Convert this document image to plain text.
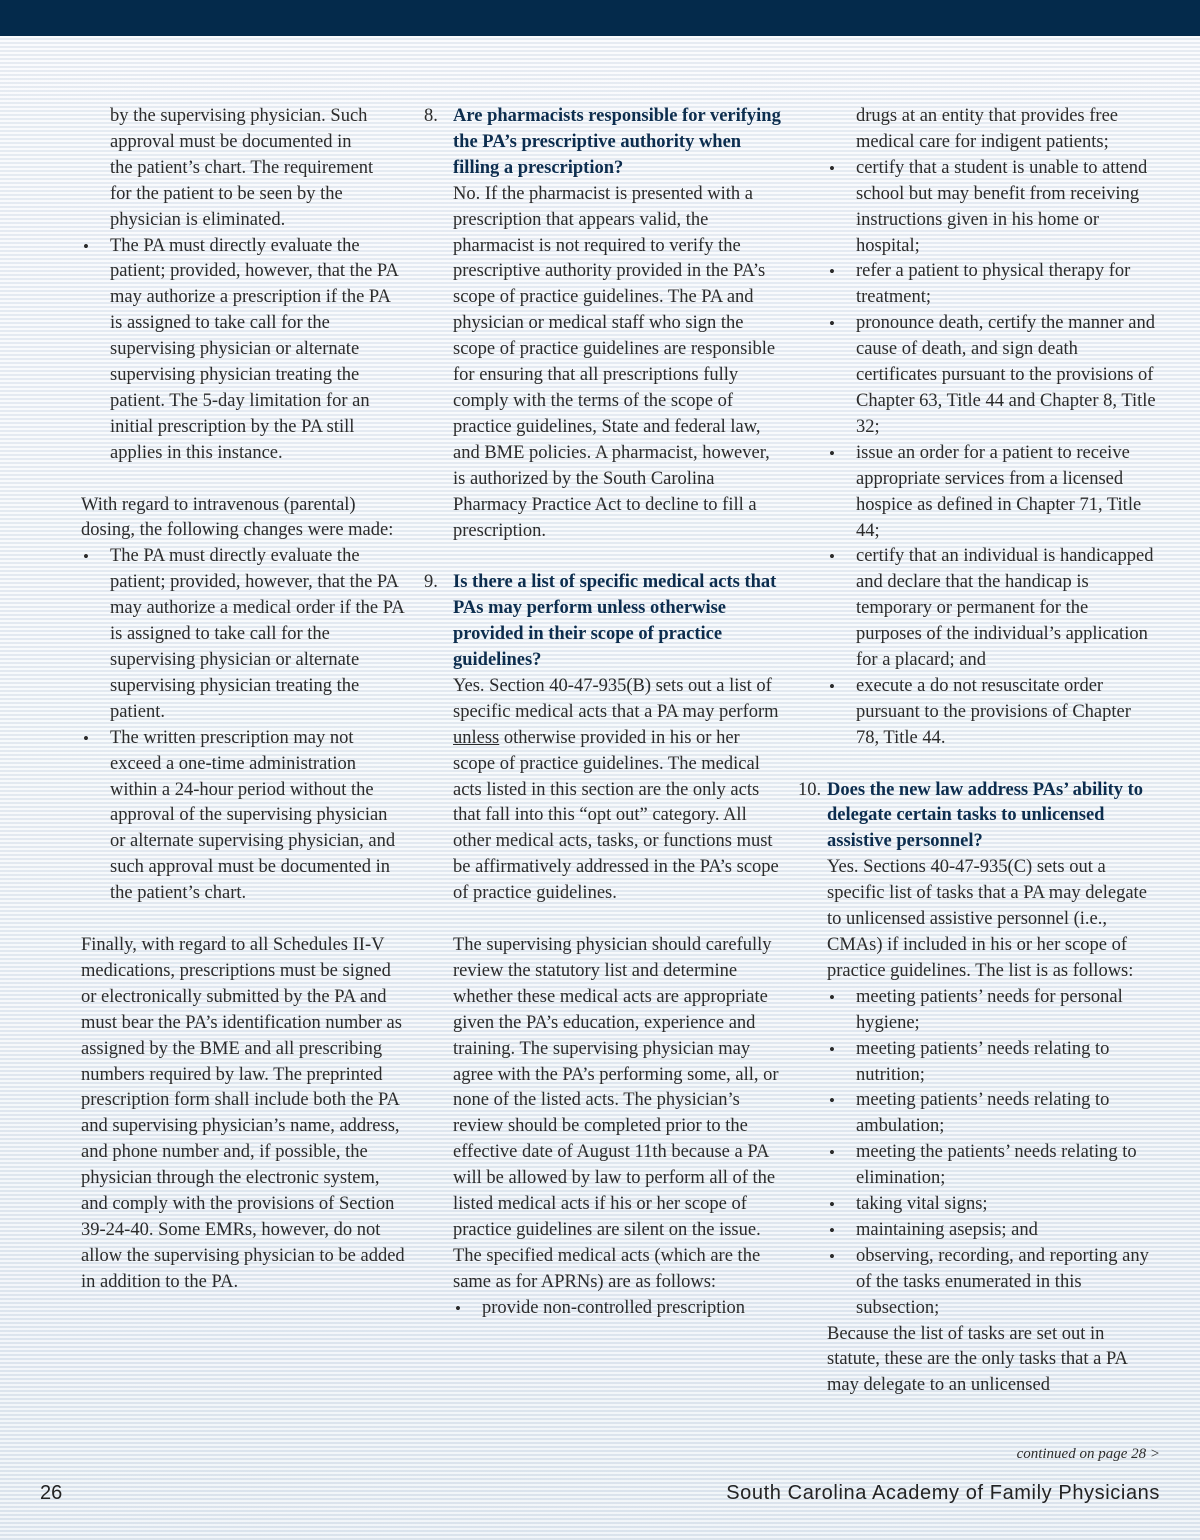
by the supervising physician. Such
approval must be documented in
the patient’s chart. The requirement
for the patient to be seen by the
physician is eliminated.
• The PA must directly evaluate the patient; provided, however, that the PA may authorize a prescription if the PA is assigned to take call for the supervising physician or alternate supervising physician treating the patient. The 5-day limitation for an initial prescription by the PA still applies in this instance.

With regard to intravenous (parental) dosing, the following changes were made:

• The PA must directly evaluate the patient; provided, however, that the PA may authorize a medical order if the PA is assigned to take call for the supervising physician or alternate supervising physician treating the patient.
• The written prescription may not exceed a one-time administration within a 24-hour period without the approval of the supervising physician or alternate supervising physician, and such approval must be documented in the patient’s chart.

Finally, with regard to all Schedules II-V medications, prescriptions must be signed or electronically submitted by the PA and must bear the PA’s identification number as assigned by the BME and all prescribing numbers required by law. The preprinted prescription form shall include both the PA and supervising physician’s name, address, and phone number and, if possible, the physician through the electronic system, and comply with the provisions of Section 39-24-40. Some EMRs, however, do not allow the supervising physician to be added in addition to the PA.

8. Are pharmacists responsible for verifying the PA’s prescriptive authority when filling a prescription?
No. If the pharmacist is presented with a prescription that appears valid, the pharmacist is not required to verify the prescriptive authority provided in the PA’s scope of practice guidelines. The PA and physician or medical staff who sign the scope of practice guidelines are responsible for ensuring that all prescriptions fully comply with the terms of the scope of practice guidelines, State and federal law, and BME policies. A pharmacist, however, is authorized by the South Carolina Pharmacy Practice Act to decline to fill a prescription.
9. Is there a list of specific medical acts that PAs may perform unless otherwise provided in their scope of practice guidelines?
Yes. Section 40-47-935(B) sets out a list of specific medical acts that a PA may perform unless otherwise provided in his or her scope of practice guidelines. The medical acts listed in this section are the only acts that fall into this “opt out” category. All other medical acts, tasks, or functions must be affirmatively addressed in the PA’s scope of practice guidelines.

The supervising physician should carefully review the statutory list and determine whether these medical acts are appropriate given the PA’s education, experience and training. The supervising physician may agree with the PA’s performing some, all, or none of the listed acts. The physician’s review should be completed prior to the effective date of August 11th because a PA will be allowed by law to perform all of the listed medical acts if his or her scope of practice guidelines are silent on the issue.

The specified medical acts (which are the same as for APRNs) are as follows:

• provide non-controlled prescription
drugs at an entity that provides free
medical care for indigent patients;
• certify that a student is unable to attend school but may benefit from receiving instructions given in his home or hospital;
• refer a patient to physical therapy for treatment;
• pronounce death, certify the manner and cause of death, and sign death certificates pursuant to the provisions of Chapter 63, Title 44 and Chapter 8, Title 32;
• issue an order for a patient to receive appropriate services from a licensed hospice as defined in Chapter 71, Title 44;
• certify that an individual is handicapped and declare that the handicap is temporary or permanent for the purposes of the individual’s application for a placard; and
• execute a do not resuscitate order pursuant to the provisions of Chapter 78, Title 44.
10. Does the new law address PAs’ ability to delegate certain tasks to unlicensed assistive personnel?
Yes. Sections 40-47-935(C) sets out a specific list of tasks that a PA may delegate to unlicensed assistive personnel (i.e., CMAs) if included in his or her scope of practice guidelines. The list is as follows:
• meeting patients’ needs for personal hygiene;
• meeting patients’ needs relating to nutrition;
• meeting patients’ needs relating to ambulation;
• meeting the patients’ needs relating to elimination;
• taking vital signs;
• maintaining asepsis; and
• observing, recording, and reporting any of the tasks enumerated in this subsection;

Because the list of tasks are set out in statute, these are the only tasks that a PA may delegate to an unlicensed

continued on page 28 >
26	South Carolina Academy of Family Physicians
